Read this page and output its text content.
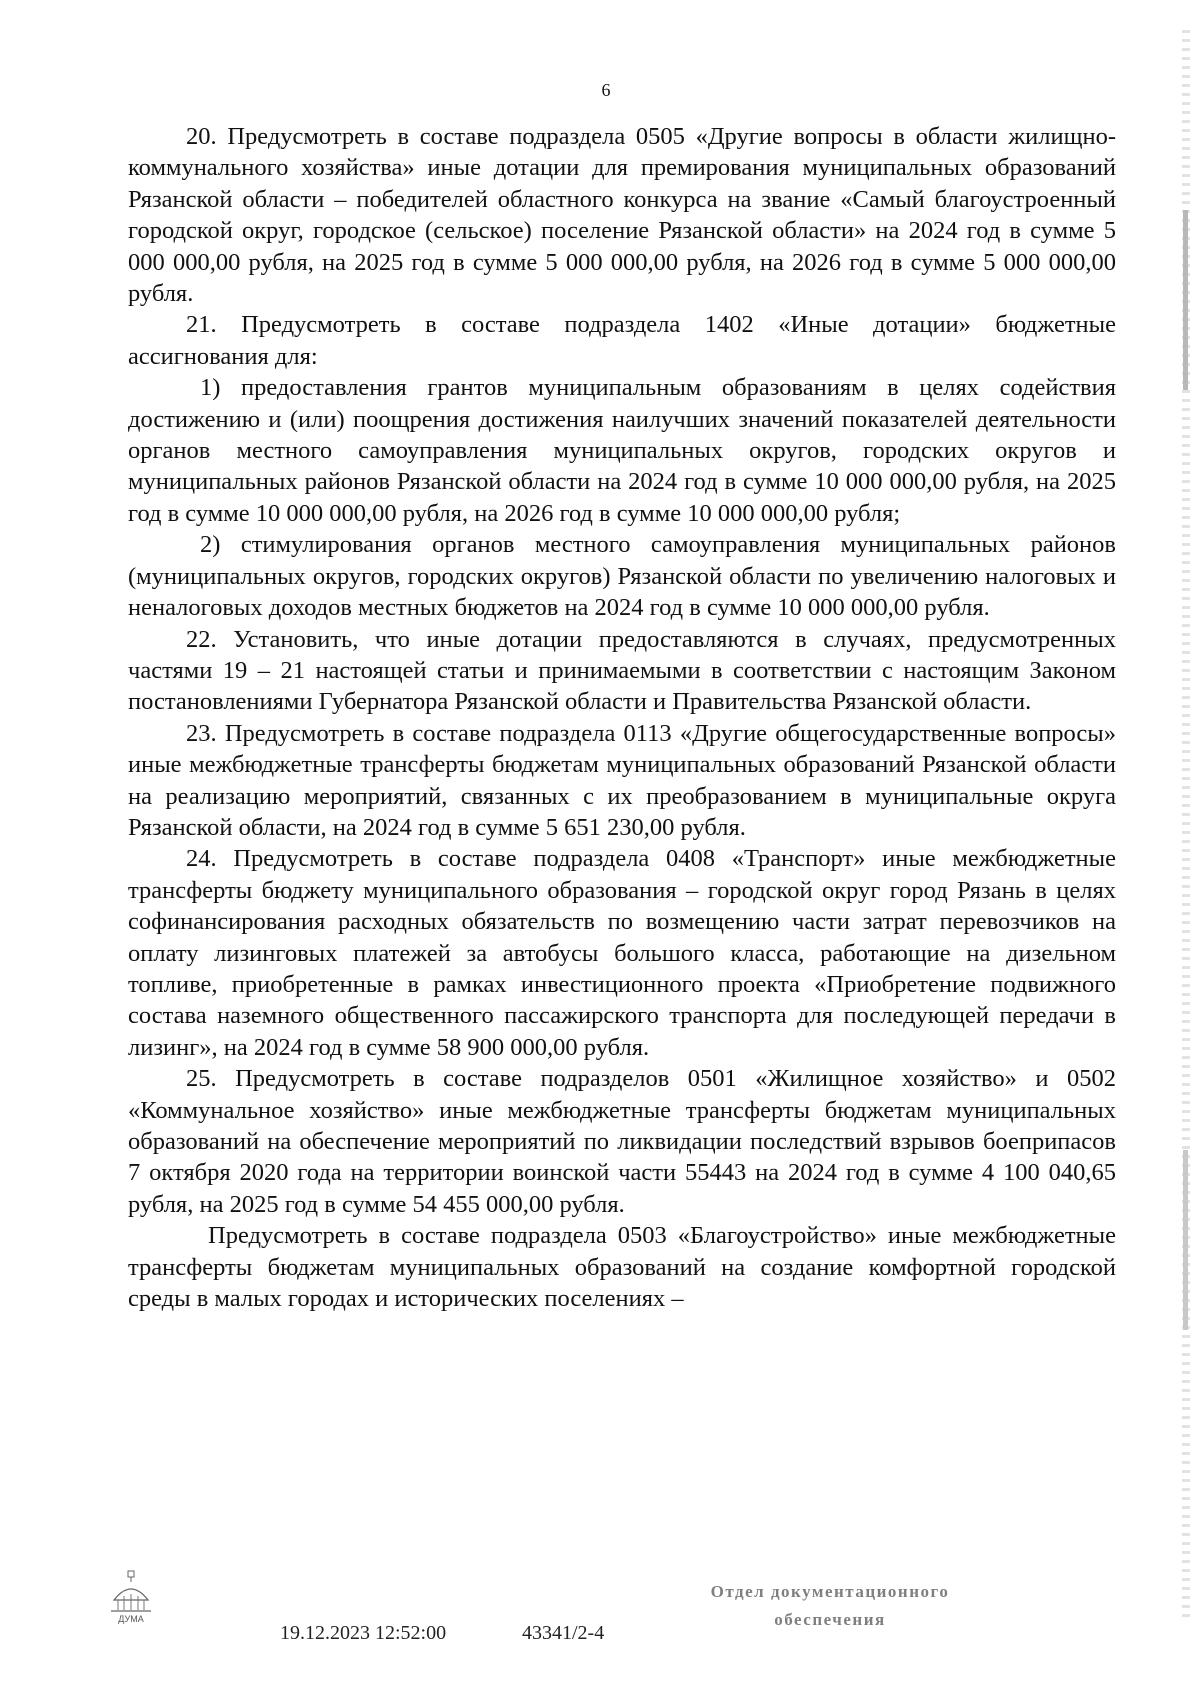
6

20. Предусмотреть в составе подраздела 0505 «Другие вопросы в области жилищно-коммунального хозяйства» иные дотации для премирования муниципальных образований Рязанской области – победителей областного конкурса на звание «Самый благоустроенный городской округ, городское (сельское) поселение Рязанской области» на 2024 год в сумме 5 000 000,00 рубля, на 2025 год в сумме 5 000 000,00 рубля, на 2026 год в сумме 5 000 000,00 рубля.

21. Предусмотреть в составе подраздела 1402 «Иные дотации» бюджетные ассигнования для:

1) предоставления грантов муниципальным образованиям в целях содействия достижению и (или) поощрения достижения наилучших значений показателей деятельности органов местного самоуправления муниципальных округов, городских округов и муниципальных районов Рязанской области на 2024 год в сумме 10 000 000,00 рубля, на 2025 год в сумме 10 000 000,00 рубля, на 2026 год в сумме 10 000 000,00 рубля;

2) стимулирования органов местного самоуправления муниципальных районов (муниципальных округов, городских округов) Рязанской области по увеличению налоговых и неналоговых доходов местных бюджетов на 2024 год в сумме 10 000 000,00 рубля.

22. Установить, что иные дотации предоставляются в случаях, предусмотренных частями 19 – 21 настоящей статьи и принимаемыми в соответствии с настоящим Законом постановлениями Губернатора Рязанской области и Правительства Рязанской области.

23. Предусмотреть в составе подраздела 0113 «Другие общегосударственные вопросы» иные межбюджетные трансферты бюджетам муниципальных образований Рязанской области на реализацию мероприятий, связанных с их преобразованием в муниципальные округа Рязанской области, на 2024 год в сумме 5 651 230,00 рубля.

24. Предусмотреть в составе подраздела 0408 «Транспорт» иные межбюджетные трансферты бюджету муниципального образования – городской округ город Рязань в целях софинансирования расходных обязательств по возмещению части затрат перевозчиков на оплату лизинговых платежей за автобусы большого класса, работающие на дизельном топливе, приобретенные в рамках инвестиционного проекта «Приобретение подвижного состава наземного общественного пассажирского транспорта для последующей передачи в лизинг», на 2024 год в сумме 58 900 000,00 рубля.

25. Предусмотреть в составе подразделов 0501 «Жилищное хозяйство» и 0502 «Коммунальное хозяйство» иные межбюджетные трансферты бюджетам муниципальных образований на обеспечение мероприятий по ликвидации последствий взрывов боеприпасов 7 октября 2020 года на территории воинской части 55443 на 2024 год в сумме 4 100 040,65 рубля, на 2025 год в сумме 54 455 000,00 рубля.

Предусмотреть в составе подраздела 0503 «Благоустройство» иные межбюджетные трансферты бюджетам муниципальных образований на создание комфортной городской среды в малых городах и исторических поселениях –

ДУМА
19.12.2023 12:52:00	43341/2-4
Отдел документационного
обеспечения
